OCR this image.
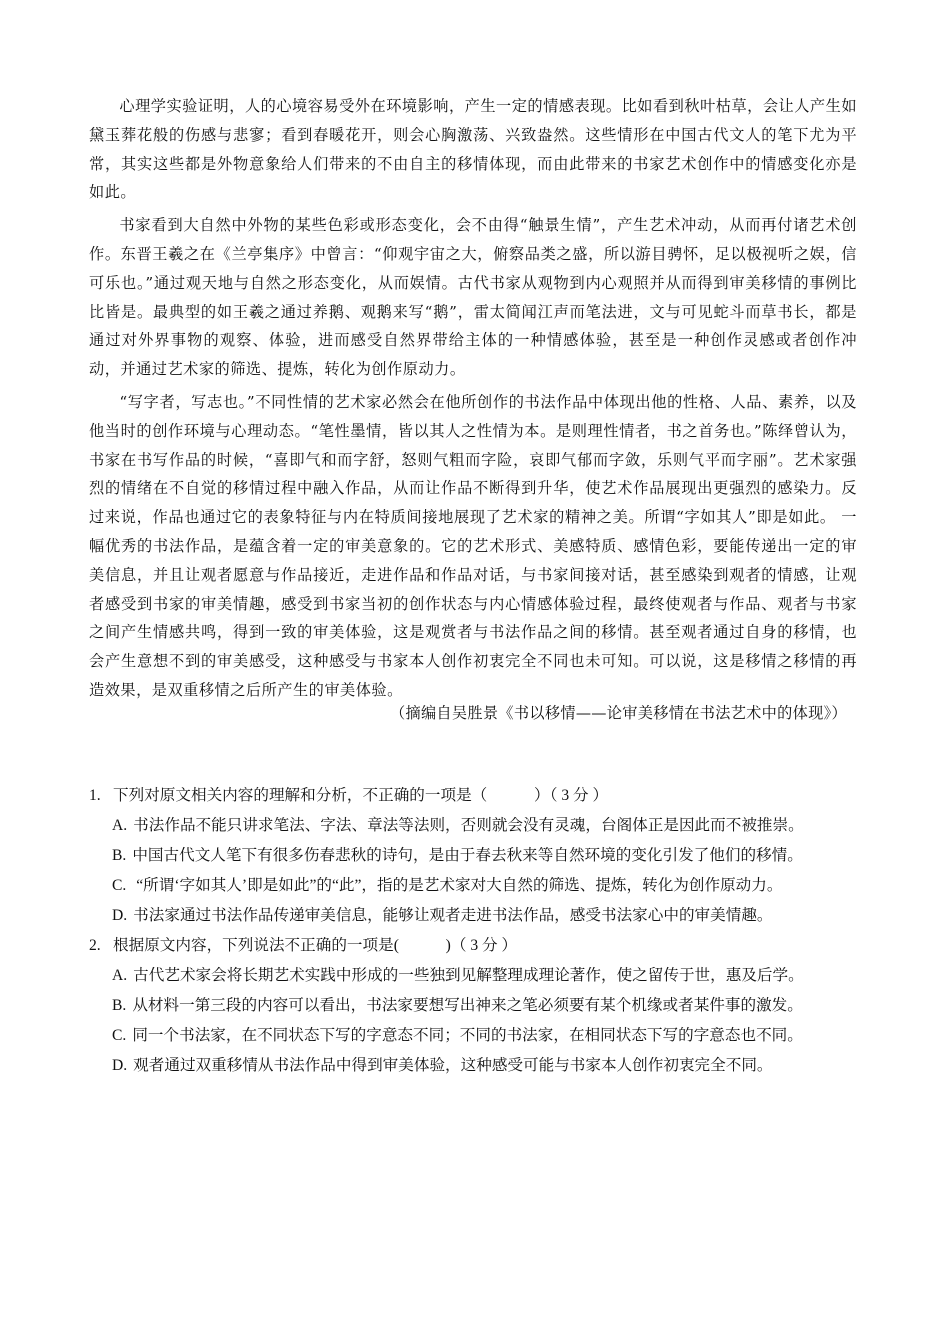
心理学实验证明，人的心境容易受外在环境影响，产生一定的情感表现。比如看到秋叶枯草，会让人产生如黛玉葬花般的伤感与悲寥；看到春暖花开，则会心胸激荡、兴致盎然。这些情形在中国古代文人的笔下尤为平常，其实这些都是外物意象给人们带来的不由自主的移情体现，而由此带来的书家艺术创作中的情感变化亦是如此。

书家看到大自然中外物的某些色彩或形态变化，会不由得“触景生情”，产生艺术冲动，从而再付诸艺术创作。东晋王羲之在《兰亭集序》中曾言：“仰观宇宙之大，俯察品类之盛，所以游目骋怀，足以极视听之娱，信可乐也。”通过观天地与自然之形态变化，从而娱情。古代书家从观物到内心观照并从而得到审美移情的事例比比皆是。最典型的如王羲之通过养鹅、观鹅来写“鹅”，雷太简闻江声而笔法进，文与可见蛇斗而草书长，都是通过对外界事物的观察、体验，进而感受自然界带给主体的一种情感体验，甚至是一种创作灵感或者创作冲动，并通过艺术家的筛选、提炼，转化为创作原动力。

“写字者，写志也。”不同性情的艺术家必然会在他所创作的书法作品中体现出他的性格、人品、素养，以及他当时的创作环境与心理动态。“笔性墨情，皆以其人之性情为本。是则理性情者，书之首务也。”陈绎曾认为，书家在书写作品的时候，“喜即气和而字舒，怒则气粗而字险，哀即气郁而字敛，乐则气平而字丽”。艺术家强烈的情绪在不自觉的移情过程中融入作品，从而让作品不断得到升华，使艺术作品展现出更强烈的感染力。反过来说，作品也通过它的表象特征与内在特质间接地展现了艺术家的精神之美。所谓“字如其人”即是如此。 一幅优秀的书法作品，是蕴含着一定的审美意象的。它的艺术形式、美感特质、感情色彩，要能传递出一定的审美信息，并且让观者愿意与作品接近，走进作品和作品对话，与书家间接对话，甚至感染到观者的情感，让观者感受到书家的审美情趣，感受到书家当初的创作状态与内心情感体验过程，最终使观者与作品、观者与书家之间产生情感共鸣，得到一致的审美体验，这是观赏者与书法作品之间的移情。甚至观者通过自身的移情，也会产生意想不到的审美感受，这种感受与书家本人创作初衷完全不同也未可知。可以说，这是移情之移情的再造效果，是双重移情之后所产生的审美体验。

（摘编自吴胜景《书以移情——论审美移情在书法艺术中的体现》）
1. 下列对原文相关内容的理解和分析，不正确的一项是（　　　）（ 3 分 ）
A. 书法作品不能只讲求笔法、字法、章法等法则，否则就会没有灵魂，台阁体正是因此而不被推崇。
B. 中国古代文人笔下有很多伤春悲秋的诗句，是由于春去秋来等自然环境的变化引发了他们的移情。
C. “所谓‘字如其人’即是如此”的“此”，指的是艺术家对大自然的筛选、提炼，转化为创作原动力。
D. 书法家通过书法作品传递审美信息，能够让观者走进书法作品，感受书法家心中的审美情趣。
2. 根据原文内容，下列说法不正确的一项是(　　　)（ 3 分 ）
A. 古代艺术家会将长期艺术实践中形成的一些独到见解整理成理论著作，使之留传于世，惠及后学。
B. 从材料一第三段的内容可以看出，书法家要想写出神来之笔必须要有某个机缘或者某件事的激发。
C. 同一个书法家，在不同状态下写的字意态不同；不同的书法家，在相同状态下写的字意态也不同。
D. 观者通过双重移情从书法作品中得到审美体验，这种感受可能与书家本人创作初衷完全不同。
